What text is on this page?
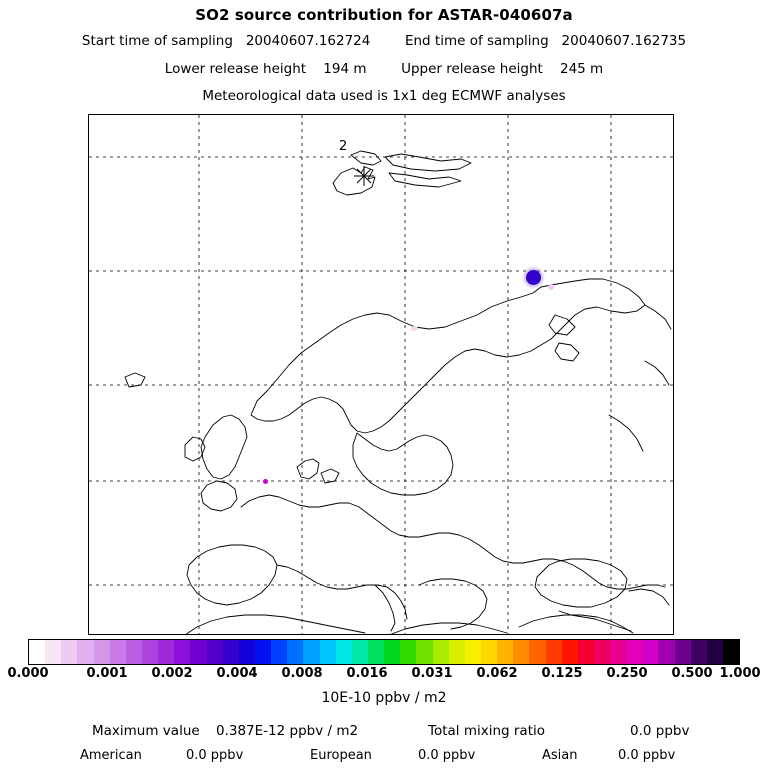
SO2 source contribution for ASTAR-040607a
Start time of sampling 20040607.162724	End time of sampling 20040607.162735
Lower release height 194 m	Upper release height 245 m
Meteorological data used is 1x1 deg ECMWF analyses
2
0.000	0.001 0.002 0.004 0.008 0.016 0.031 0.062 0.125 0.250 0.500 1.000
10E-10 ppbv / m2
Maximum value 0.387E-12 ppbv / m2	Total mixing ratio	0.0 ppbv
American	0.0 ppbv	European	0.0 ppbv	Asian	0.0 ppbv
